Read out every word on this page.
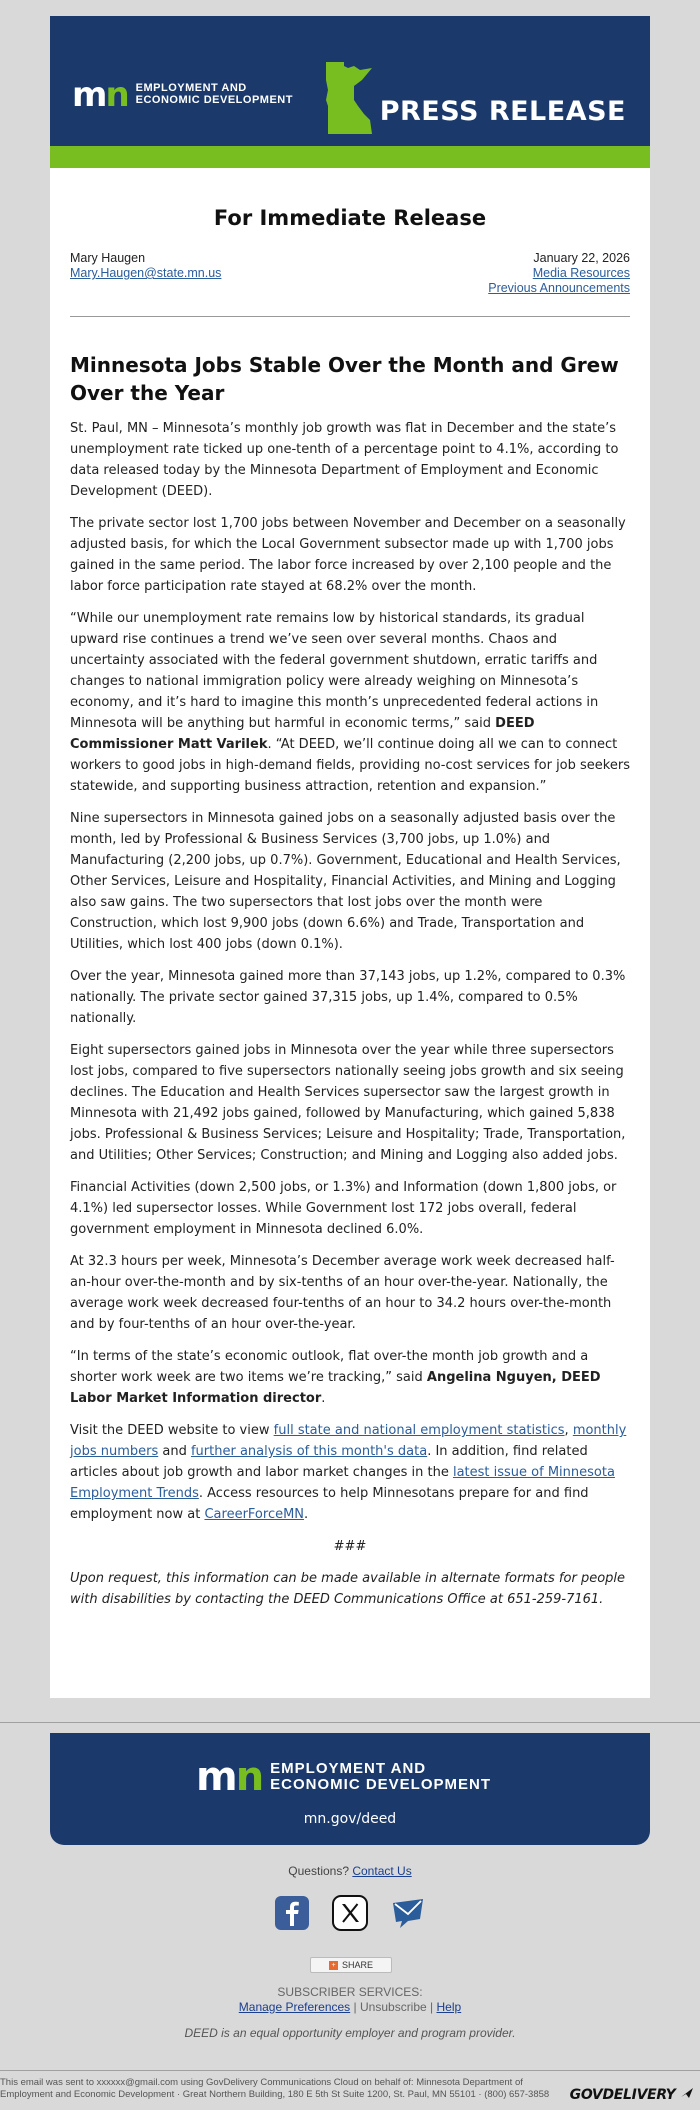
mn EMPLOYMENT AND
ECONOMIC DEVELOPMENT	PRESS RELEASE
For Immediate Release
Mary Haugen
Mary.Haugen@state.mn.us
January 22, 2026
Media Resources
Previous Announcements
Minnesota Jobs Stable Over the Month and Grew Over the Year

St. Paul, MN – Minnesota’s monthly job growth was flat in December and the state’s unemployment rate ticked up one-tenth of a percentage point to 4.1%, according to data released today by the Minnesota Department of Employment and Economic Development (DEED).

The private sector lost 1,700 jobs between November and December on a seasonally adjusted basis, for which the Local Government subsector made up with 1,700 jobs gained in the same period. The labor force increased by over 2,100 people and the labor force participation rate stayed at 68.2% over the month.

“While our unemployment rate remains low by historical standards, its gradual upward rise continues a trend we’ve seen over several months. Chaos and uncertainty associated with the federal government shutdown, erratic tariffs and changes to national immigration policy were already weighing on Minnesota’s economy, and it’s hard to imagine this month’s unprecedented federal actions in Minnesota will be anything but harmful in economic terms,” said DEED Commissioner Matt Varilek. “At DEED, we’ll continue doing all we can to connect workers to good jobs in high-demand fields, providing no-cost services for job seekers statewide, and supporting business attraction, retention and expansion.”

Nine supersectors in Minnesota gained jobs on a seasonally adjusted basis over the month, led by Professional & Business Services (3,700 jobs, up 1.0%) and Manufacturing (2,200 jobs, up 0.7%). Government, Educational and Health Services, Other Services, Leisure and Hospitality, Financial Activities, and Mining and Logging also saw gains. The two supersectors that lost jobs over the month were Construction, which lost 9,900 jobs (down 6.6%) and Trade, Transportation and Utilities, which lost 400 jobs (down 0.1%).

Over the year, Minnesota gained more than 37,143 jobs, up 1.2%, compared to 0.3% nationally. The private sector gained 37,315 jobs, up 1.4%, compared to 0.5% nationally.

Eight supersectors gained jobs in Minnesota over the year while three supersectors lost jobs, compared to five supersectors nationally seeing jobs growth and six seeing declines. The Education and Health Services supersector saw the largest growth in Minnesota with 21,492 jobs gained, followed by Manufacturing, which gained 5,838 jobs. Professional & Business Services; Leisure and Hospitality; Trade, Transportation, and Utilities; Other Services; Construction; and Mining and Logging also added jobs.

Financial Activities (down 2,500 jobs, or 1.3%) and Information (down 1,800 jobs, or 4.1%) led supersector losses. While Government lost 172 jobs overall, federal government employment in Minnesota declined 6.0%.

At 32.3 hours per week, Minnesota’s December average work week decreased half-an-hour over-the-month and by six-tenths of an hour over-the-year. Nationally, the average work week decreased four-tenths of an hour to 34.2 hours over-the-month and by four-tenths of an hour over-the-year.

“In terms of the state’s economic outlook, flat over-the month job growth and a shorter work week are two items we’re tracking,” said Angelina Nguyen, DEED Labor Market Information director.

Visit the DEED website to view full state and national employment statistics, monthly jobs numbers and further analysis of this month's data. In addition, find related articles about job growth and labor market changes in the latest issue of Minnesota Employment Trends. Access resources to help Minnesotans prepare for and find employment now at CareerForceMN.

###

Upon request, this information can be made available in alternate formats for people with disabilities by contacting the DEED Communications Office at 651-259-7161.

mn EMPLOYMENT AND
ECONOMIC DEVELOPMENT
mn.gov/deed
Questions? Contact Us
+ SHARE
SUBSCRIBER SERVICES:
Manage Preferences | Unsubscribe | Help
DEED is an equal opportunity employer and program provider.
This email was sent to xxxxxx@gmail.com using GovDelivery Communications Cloud on behalf of: Minnesota Department of Employment and Economic Development · Great Northern Building, 180 E 5th St Suite 1200, St. Paul, MN 55101 · (800) 657-3858	GOVDELIVERY
